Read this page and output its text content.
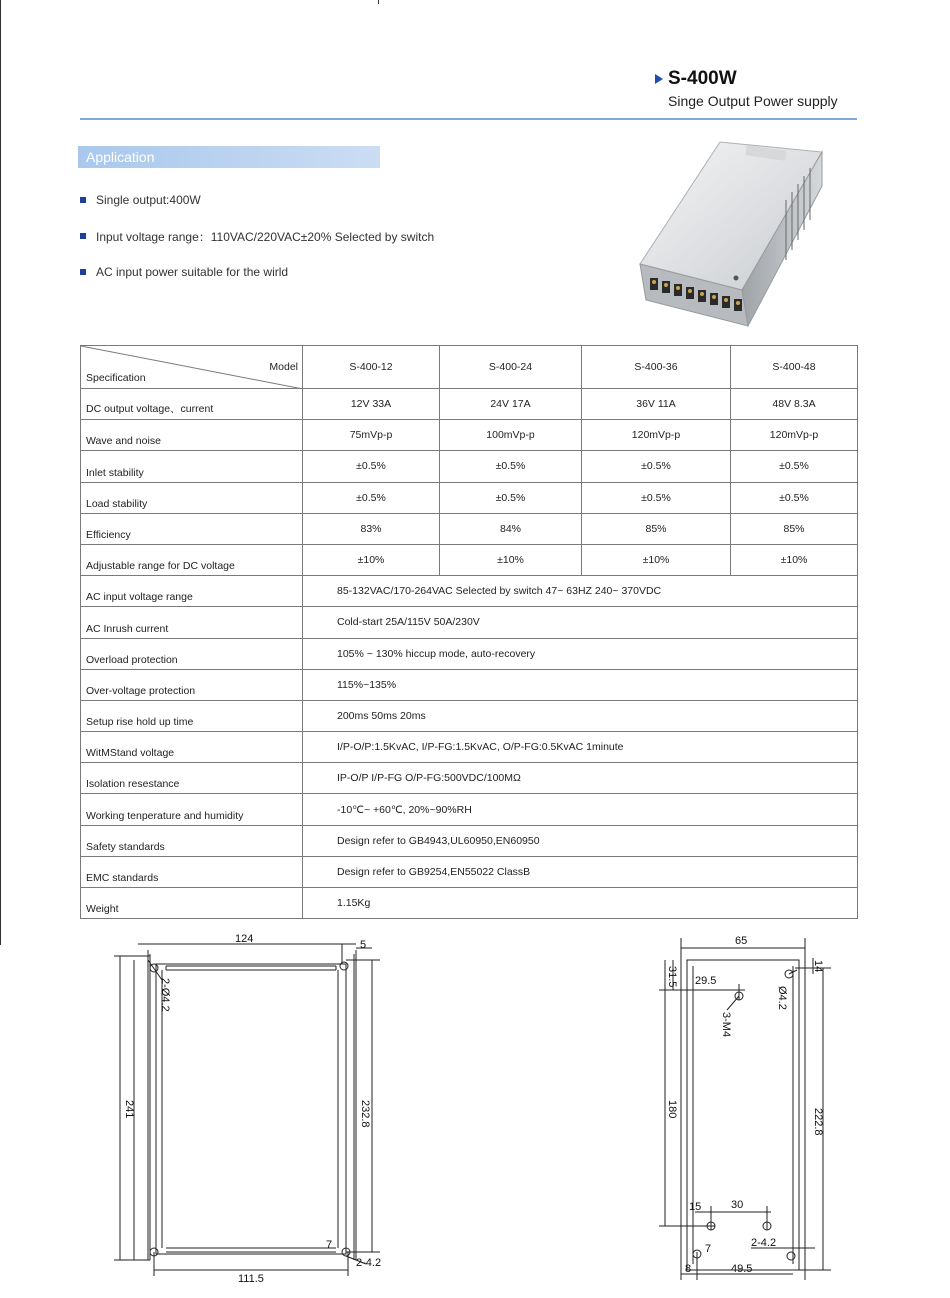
S-400W
Singe Output Power supply
Application
Single output:400W
Input voltage range：110VAC/220VAC±20% Selected by switch
AC input power suitable for the wirld
Model
Specification	S-400-12	S-400-24	S-400-36	S-400-48
DC output voltage、current	12V 33A	24V 17A	36V 11A	48V 8.3A
Wave and noise	75mVp-p	100mVp-p	120mVp-p	120mVp-p
Inlet stability	±0.5%	±0.5%	±0.5%	±0.5%
Load stability	±0.5%	±0.5%	±0.5%	±0.5%
Efficiency	83%	84%	85%	85%
Adjustable range for DC voltage	±10%	±10%	±10%	±10%
AC input voltage range	85-132VAC/170-264VAC Selected by switch 47~ 63HZ 240~ 370VDC			
AC Inrush current	Cold-start 25A/115V 50A/230V			
Overload protection	105% ~ 130% hiccup mode, auto-recovery			
Over-voltage protection	115%~135%			
Setup rise hold up time	200ms 50ms 20ms			
WitMStand voltage	I/P-O/P:1.5KvAC, I/P-FG:1.5KvAC, O/P-FG:0.5KvAC 1minute			
Isolation resestance	IP-O/P I/P-FG O/P-FG:500VDC/100MΩ			
Working tenperature and humidity	-10℃~ +60℃, 20%~90%RH			
Safety standards	Design refer to GB4943,UL60950,EN60950			
EMC standards	Design refer to GB9254,EN55022 ClassB			
Weight	1.15Kg			
124	5
2-Ø4.2
241	232.8
111.5
7
2-4.2
65
31.5 29.5
14
3-M4
Ø4.2
180	222.8
15	30
2-4.2
7
8	49.5
